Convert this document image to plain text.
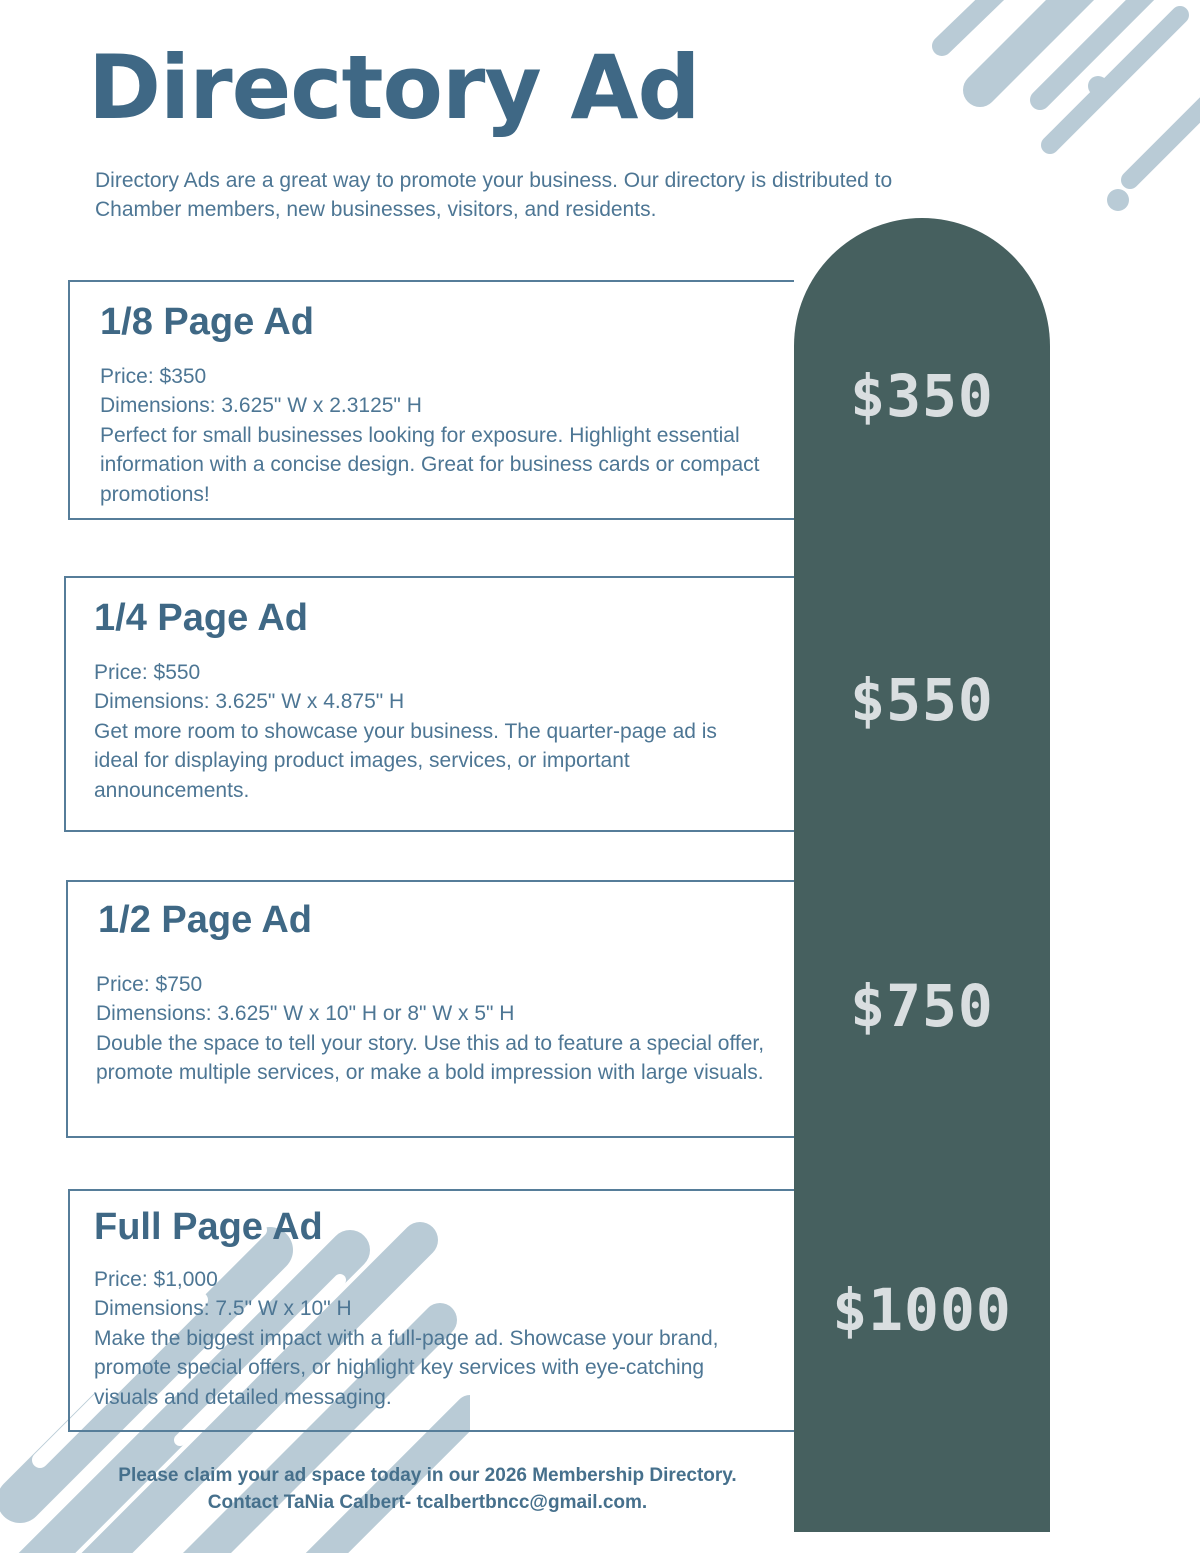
Directory Ad

Directory Ads are a great way to promote your business. Our directory is distributed to Chamber members, new businesses, visitors, and residents.

$350
$550
$750
$1000
1/8 Page Ad

Price: $350

Dimensions: 3.625" W x 2.3125" H

Perfect for small businesses looking for exposure. Highlight essential information with a concise design. Great for business cards or compact promotions!

1/4 Page Ad

Price: $550

Dimensions: 3.625" W x 4.875" H

Get more room to showcase your business. The quarter-page ad is ideal for displaying product images, services, or important announcements.

1/2 Page Ad

Price: $750

Dimensions: 3.625" W x 10" H or 8" W x 5" H

Double the space to tell your story. Use this ad to feature a special offer, promote multiple services, or make a bold impression with large visuals.

Full Page Ad

Price: $1,000

Dimensions: 7.5" W x 10" H

Make the biggest impact with a full-page ad. Showcase your brand, promote special offers, or highlight key services with eye-catching visuals and detailed messaging.

Please claim your ad space today in our 2026 Membership Directory.
Contact TaNia Calbert- tcalbertbncc@gmail.com.
